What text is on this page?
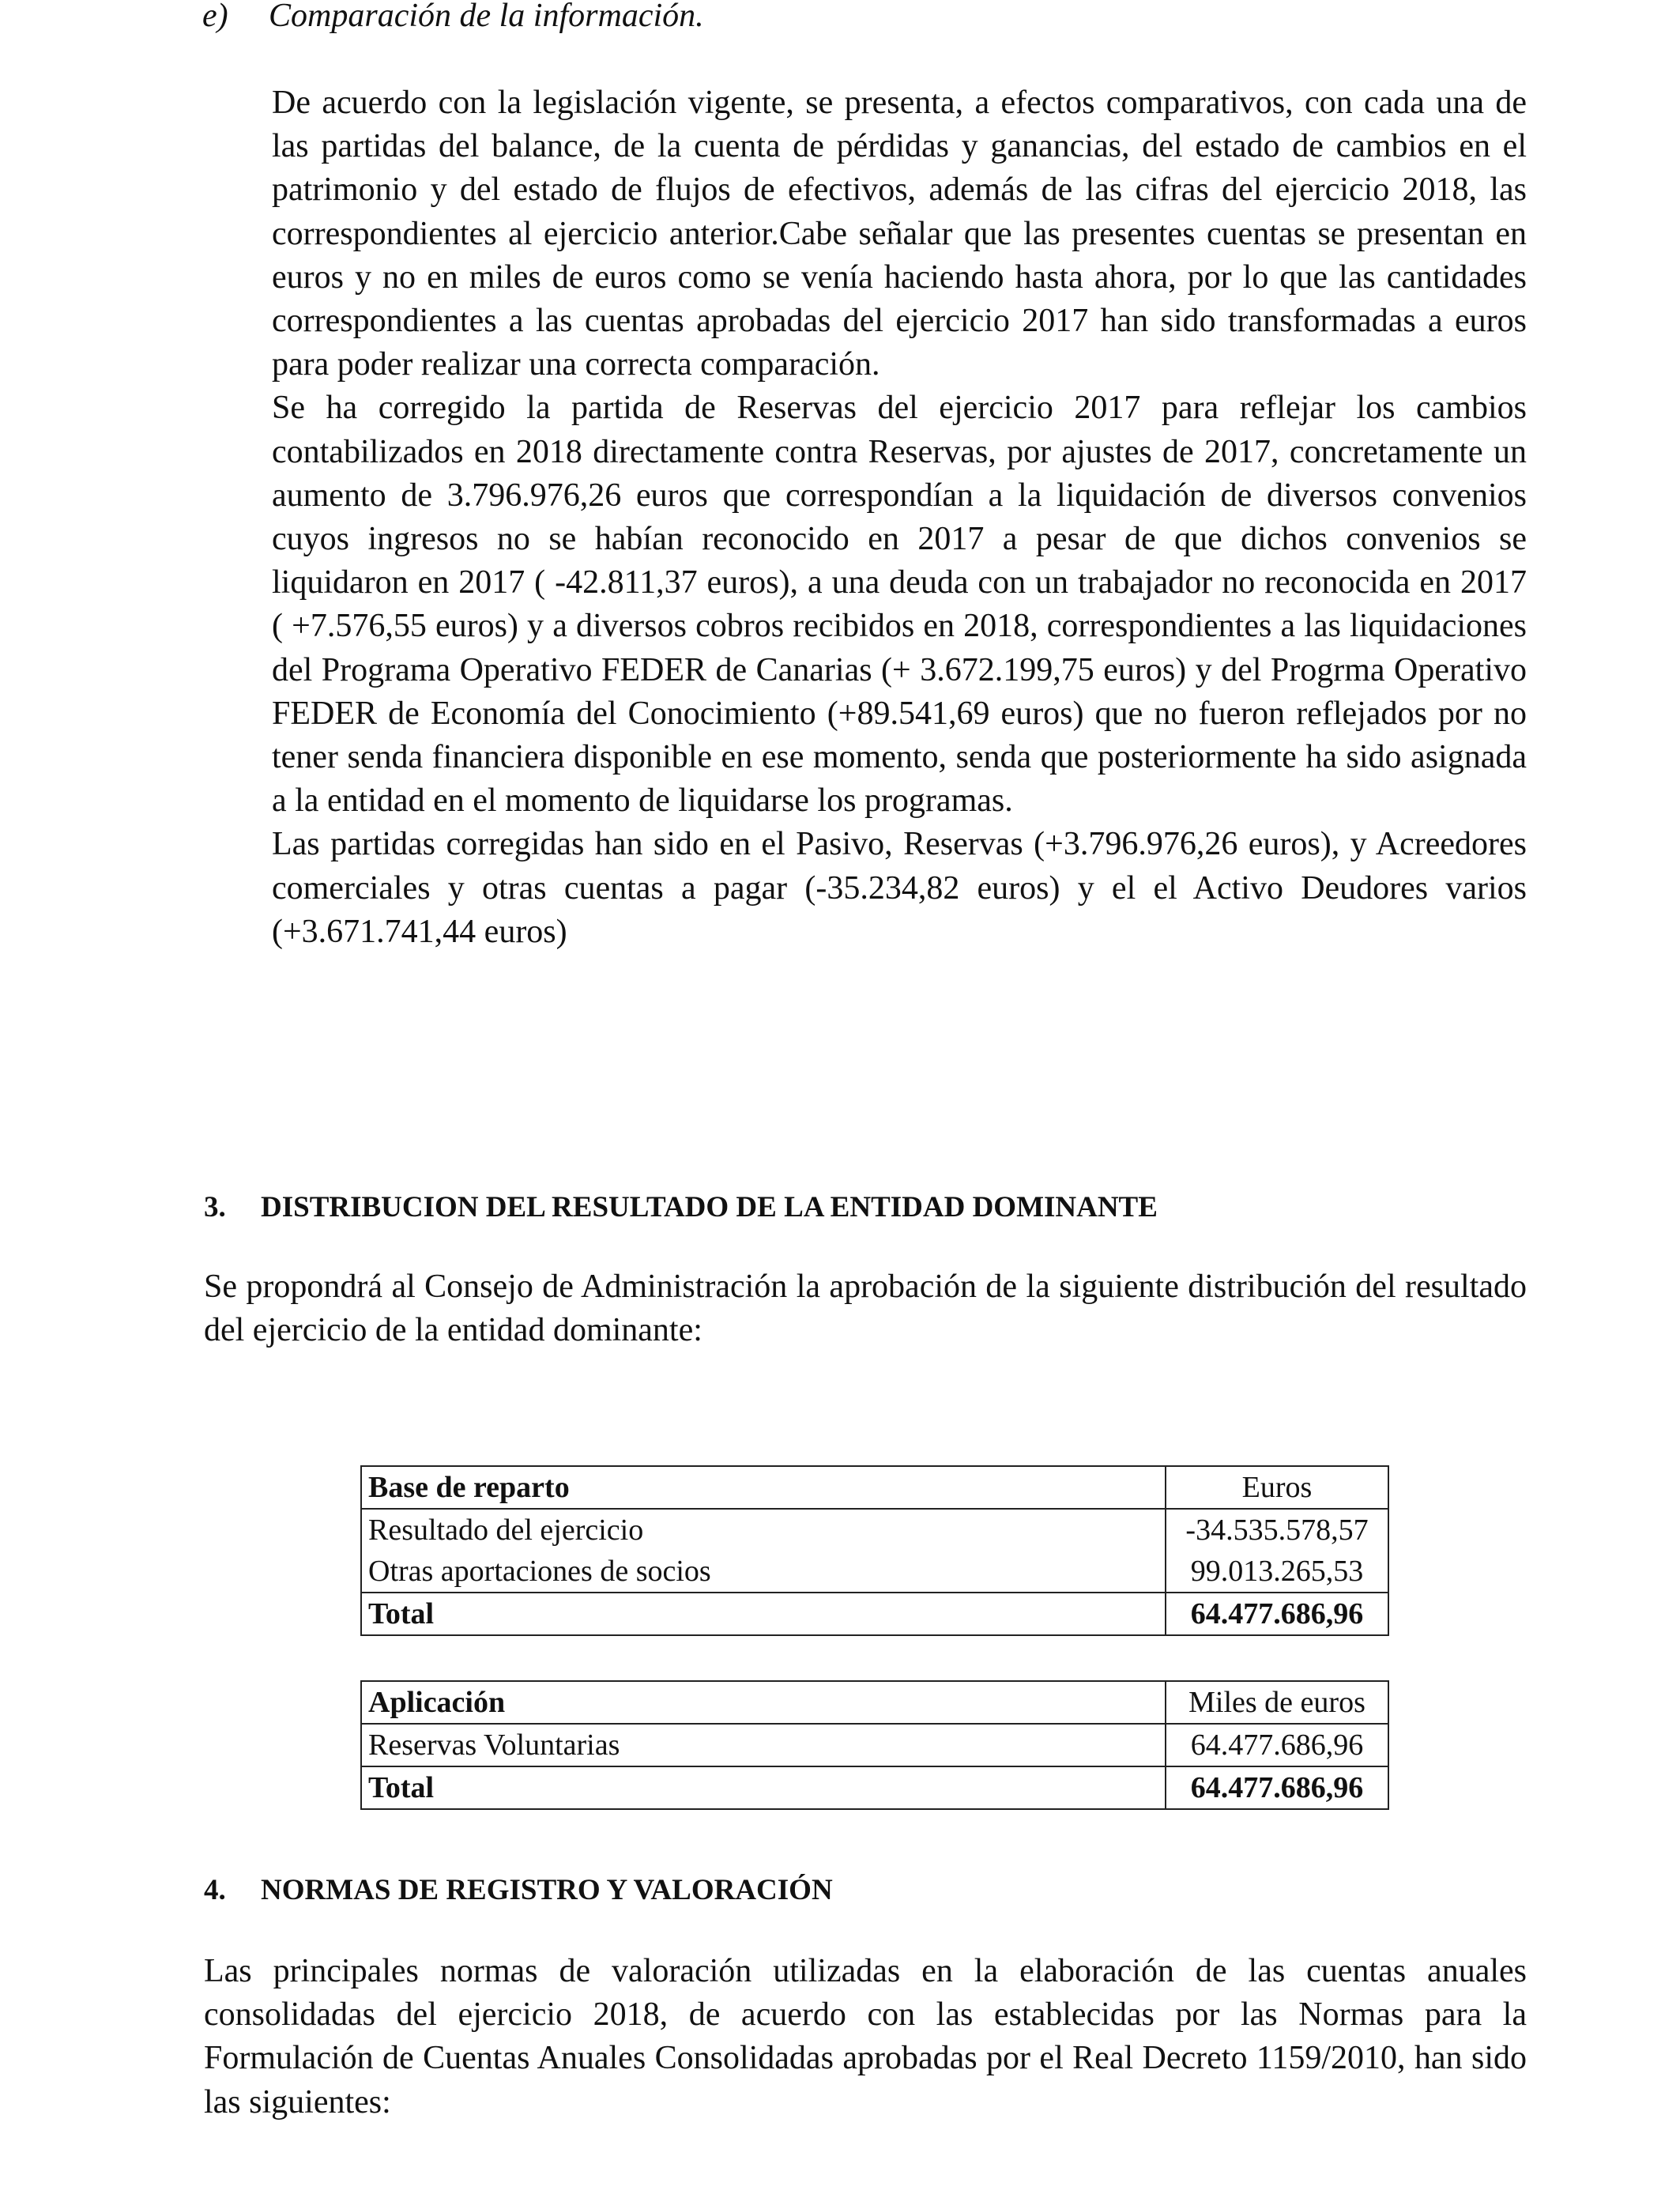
e) Comparación de la información.

De acuerdo con la legislación vigente, se presenta, a efectos comparativos, con cada una de las partidas del balance, de la cuenta de pérdidas y ganancias, del estado de cambios en el patrimonio y del estado de flujos de efectivos, además de las cifras del ejercicio 2018, las correspondientes al ejercicio anterior.Cabe señalar que las presentes cuentas se presentan en euros y no en miles de euros como se venía haciendo hasta ahora, por lo que las cantidades correspondientes a las cuentas aprobadas del ejercicio 2017 han sido transformadas a euros para poder realizar una correcta comparación.

Se ha corregido la partida de Reservas del ejercicio 2017 para reflejar los cambios contabilizados en 2018 directamente contra Reservas, por ajustes de 2017, concretamente un aumento de 3.796.976,26 euros que correspondían a la liquidación de diversos convenios cuyos ingresos no se habían reconocido en 2017 a pesar de que dichos convenios se liquidaron en 2017 ( -42.811,37 euros), a una deuda con un trabajador no reconocida en 2017 ( +7.576,55 euros) y a diversos cobros recibidos en 2018, correspondientes a las liquidaciones del Programa Operativo FEDER de Canarias (+ 3.672.199,75 euros) y del Progrma Operativo FEDER de Economía del Conocimiento (+89.541,69 euros) que no fueron reflejados por no tener senda financiera disponible en ese momento, senda que posteriormente ha sido asignada a la entidad en el momento de liquidarse los programas.

Las partidas corregidas han sido en el Pasivo, Reservas (+3.796.976,26 euros), y Acreedores comerciales y otras cuentas a pagar (-35.234,82 euros) y el el Activo Deudores varios (+3.671.741,44 euros)

3. DISTRIBUCION DEL RESULTADO DE LA ENTIDAD DOMINANTE

Se propondrá al Consejo de Administración la aprobación de la siguiente distribución del resultado del ejercicio de la entidad dominante:

Base de reparto	Euros
Resultado del ejercicio	-34.535.578,57
Otras aportaciones de socios	99.013.265,53
Total	64.477.686,96
Aplicación	Miles de euros
Reservas Voluntarias	64.477.686,96
Total	64.477.686,96
4. NORMAS DE REGISTRO Y VALORACIÓN

Las principales normas de valoración utilizadas en la elaboración de las cuentas anuales consolidadas del ejercicio 2018, de acuerdo con las establecidas por las Normas para la Formulación de Cuentas Anuales Consolidadas aprobadas por el Real Decreto 1159/2010, han sido las siguientes:
